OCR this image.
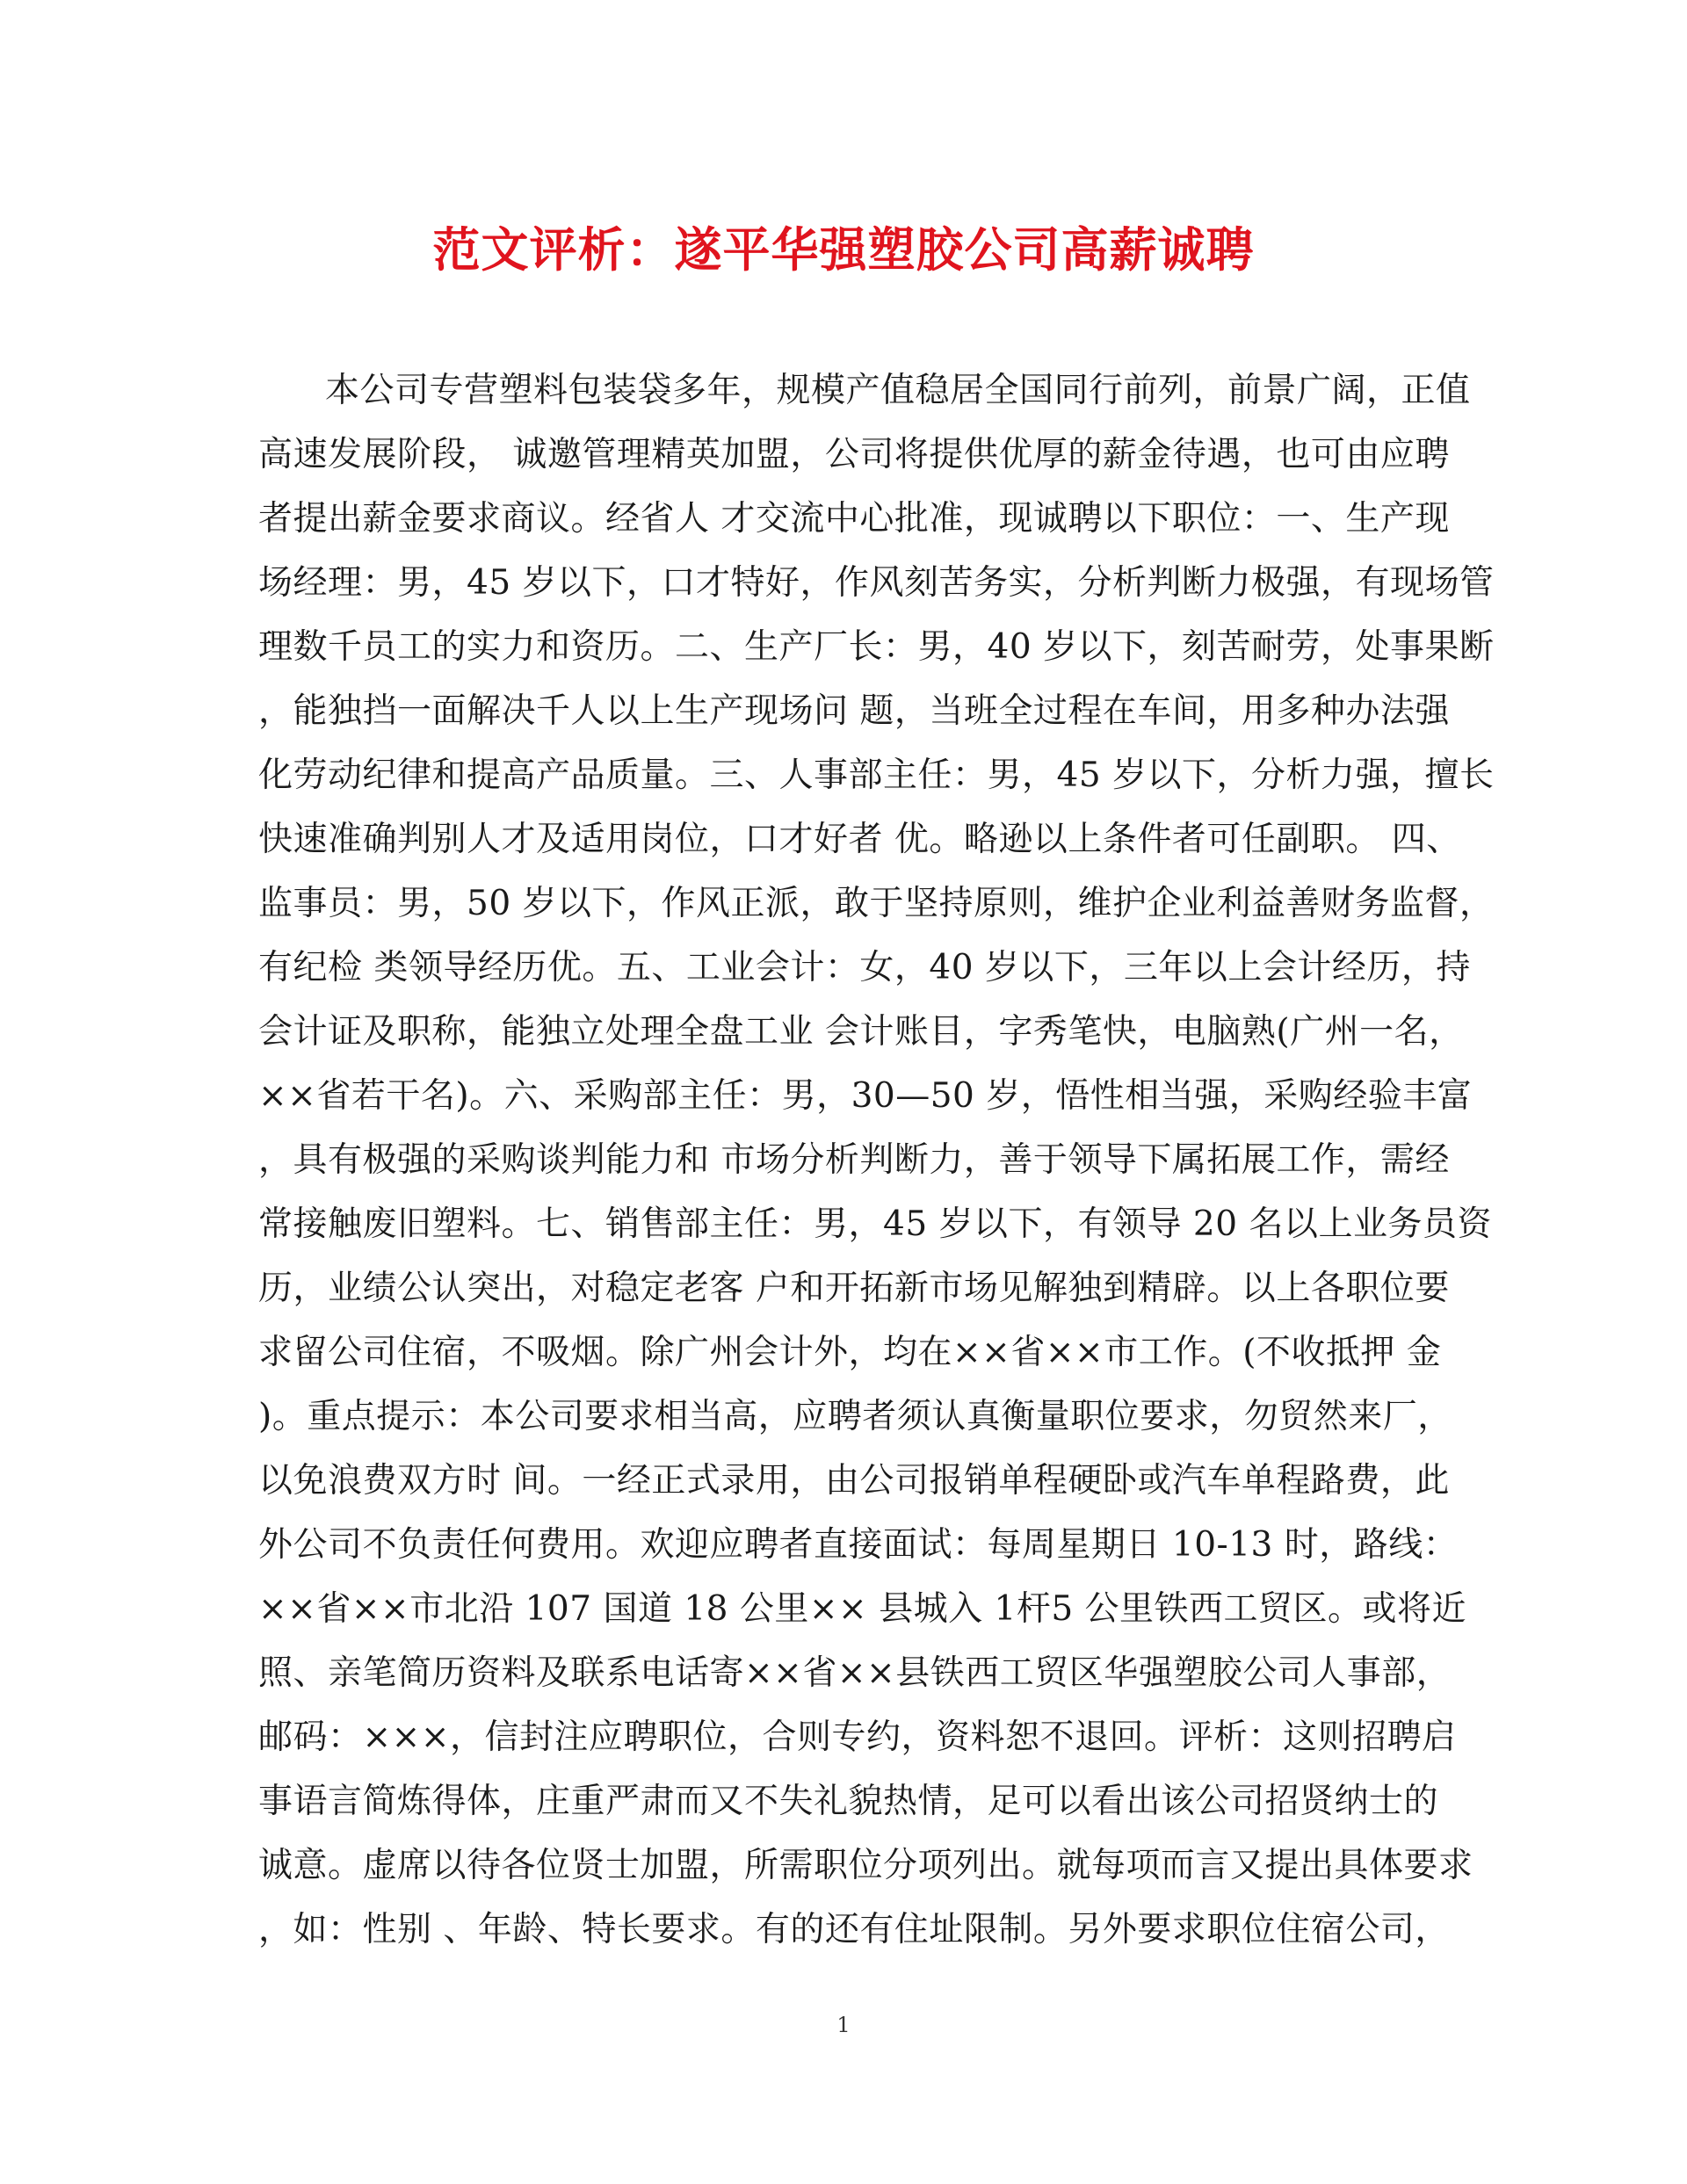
范文评析：遂平华强塑胶公司高薪诚聘
本公司专营塑料包装袋多年，规模产值稳居全国同行前列，前景广阔，正值
高速发展阶段， 诚邀管理精英加盟，公司将提供优厚的薪金待遇，也可由应聘
者提出薪金要求商议。经省人 才交流中心批准，现诚聘以下职位：一、生产现
场经理：男，45 岁以下，口才特好，作风刻苦务实，分析判断力极强，有现场管
理数千员工的实力和资历。二、生产厂长：男，40 岁以下，刻苦耐劳，处事果断
，能独挡一面解决千人以上生产现场问 题，当班全过程在车间，用多种办法强
化劳动纪律和提高产品质量。三、人事部主任：男，45 岁以下，分析力强，擅长
快速准确判别人才及适用岗位，口才好者 优。略逊以上条件者可任副职。 四、
监事员：男，50 岁以下，作风正派，敢于坚持原则，维护企业利益善财务监督，
有纪检 类领导经历优。五、工业会计：女，40 岁以下，三年以上会计经历，持
会计证及职称，能独立处理全盘工业 会计账目，字秀笔快，电脑熟(广州一名，
××省若干名)。六、采购部主任：男，30—50 岁，悟性相当强，采购经验丰富
，具有极强的采购谈判能力和 市场分析判断力，善于领导下属拓展工作，需经
常接触废旧塑料。七、销售部主任：男，45 岁以下，有领导 20 名以上业务员资
历，业绩公认突出，对稳定老客 户和开拓新市场见解独到精辟。以上各职位要
求留公司住宿，不吸烟。除广州会计外，均在××省××市工作。(不收抵押 金
)。重点提示：本公司要求相当高，应聘者须认真衡量职位要求，勿贸然来厂，
以免浪费双方时 间。一经正式录用，由公司报销单程硬卧或汽车单程路费，此
外公司不负责任何费用。欢迎应聘者直接面试：每周星期日 10-13 时，路线：
××省××市北沿 107 国道 18 公里×× 县城入 1杆5 公里铁西工贸区。或将近
照、亲笔简历资料及联系电话寄××省××县铁西工贸区华强塑胶公司人事部，
邮码：×××，信封注应聘职位，合则专约，资料恕不退回。评析：这则招聘启
事语言简炼得体，庄重严肃而又不失礼貌热情，足可以看出该公司招贤纳士的
诚意。虚席以待各位贤士加盟，所需职位分项列出。就每项而言又提出具体要求
，如：性别 、年龄、特长要求。有的还有住址限制。另外要求职位住宿公司，
1
